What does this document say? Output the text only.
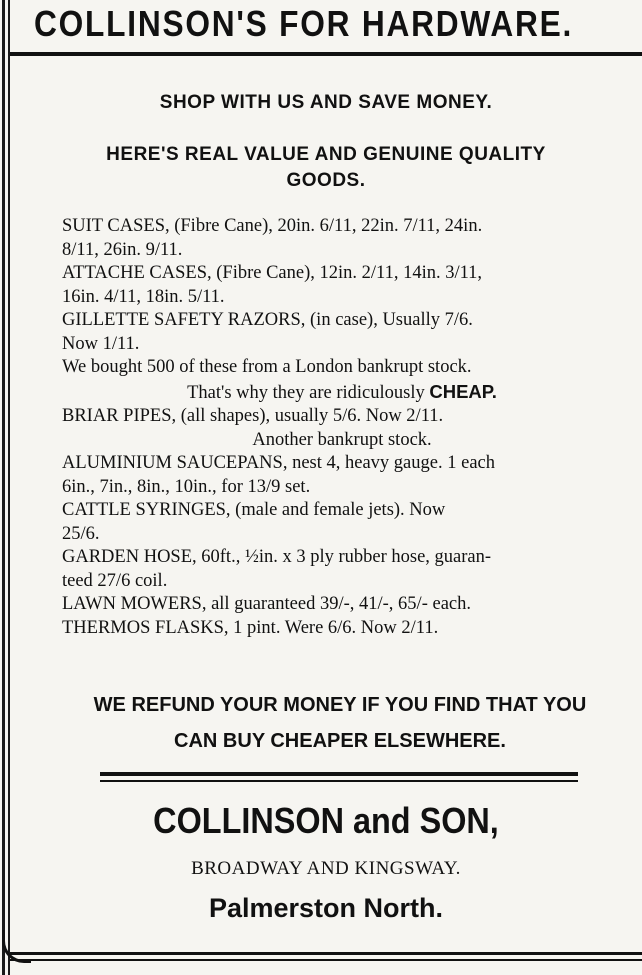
COLLINSON'S FOR HARDWARE.
SHOP WITH US AND SAVE MONEY.
HERE'S REAL VALUE AND GENUINE QUALITY
GOODS.
SUIT CASES, (Fibre Cane), 20in. 6/11, 22in. 7/11, 24in.
8/11, 26in. 9/11.
ATTACHE CASES, (Fibre Cane), 12in. 2/11, 14in. 3/11,
16in. 4/11, 18in. 5/11.
GILLETTE SAFETY RAZORS, (in case), Usually 7/6.
Now 1/11.
We bought 500 of these from a London bankrupt stock.
That's why they are ridiculously CHEAP.
BRIAR PIPES, (all shapes), usually 5/6. Now 2/11.
Another bankrupt stock.
ALUMINIUM SAUCEPANS, nest 4, heavy gauge. 1 each
6in., 7in., 8in., 10in., for 13/9 set.
CATTLE SYRINGES, (male and female jets). Now
25/6.
GARDEN HOSE, 60ft., ½in. x 3 ply rubber hose, guaran-
teed 27/6 coil.
LAWN MOWERS, all guaranteed 39/-, 41/-, 65/- each.
THERMOS FLASKS, 1 pint. Were 6/6. Now 2/11.
WE REFUND YOUR MONEY IF YOU FIND THAT YOU
CAN BUY CHEAPER ELSEWHERE.
COLLINSON and SON,
BROADWAY AND KINGSWAY.
Palmerston North.
